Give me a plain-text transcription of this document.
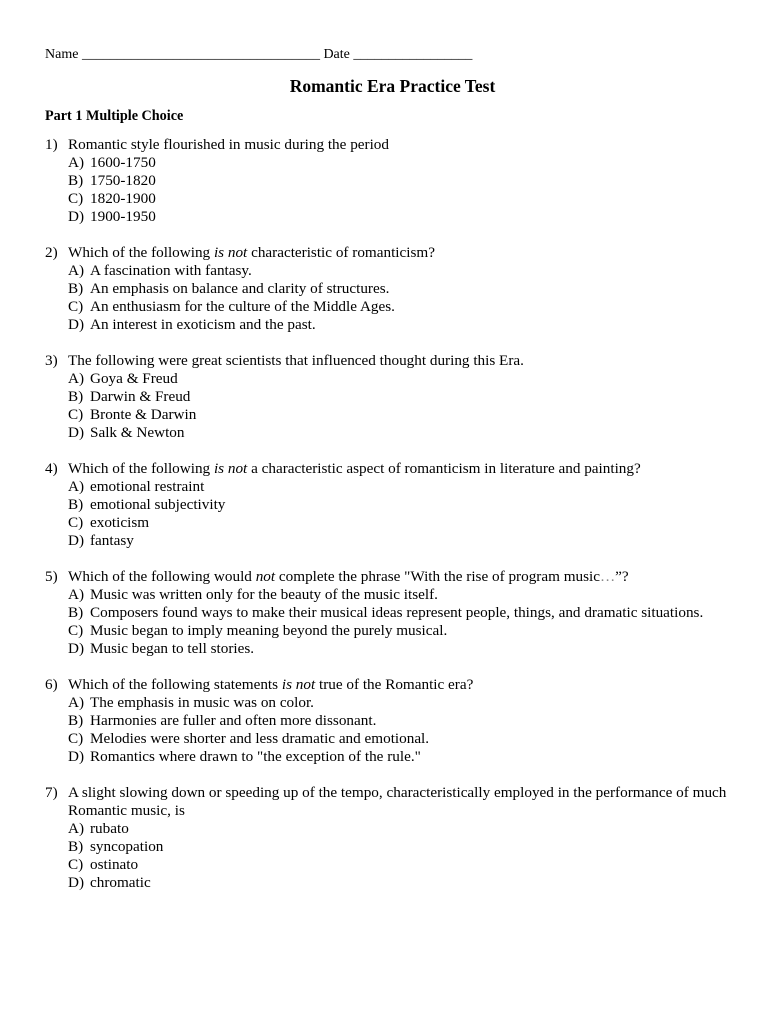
Name __________________________________ Date _________________
Romantic Era Practice Test
Part 1 Multiple Choice
1) Romantic style flourished in music during the period
A) 1600-1750
B) 1750-1820
C) 1820-1900
D) 1900-1950
2) Which of the following is not characteristic of romanticism?
A) A fascination with fantasy.
B) An emphasis on balance and clarity of structures.
C) An enthusiasm for the culture of the Middle Ages.
D) An interest in exoticism and the past.
3) The following were great scientists that influenced thought during this Era.
A) Goya & Freud
B) Darwin & Freud
C) Bronte & Darwin
D) Salk & Newton
4) Which of the following is not a characteristic aspect of romanticism in literature and painting?
A) emotional restraint
B) emotional subjectivity
C) exoticism
D) fantasy
5) Which of the following would not complete the phrase "With the rise of program music…”?
A) Music was written only for the beauty of the music itself.
B) Composers found ways to make their musical ideas represent people, things, and dramatic situations.
C) Music began to imply meaning beyond the purely musical.
D) Music began to tell stories.
6) Which of the following statements is not true of the Romantic era?
A) The emphasis in music was on color.
B) Harmonies are fuller and often more dissonant.
C) Melodies were shorter and less dramatic and emotional.
D) Romantics where drawn to "the exception of the rule."
7) A slight slowing down or speeding up of the tempo, characteristically employed in the performance of much Romantic music, is
A) rubato
B) syncopation
C) ostinato
D) chromatic
